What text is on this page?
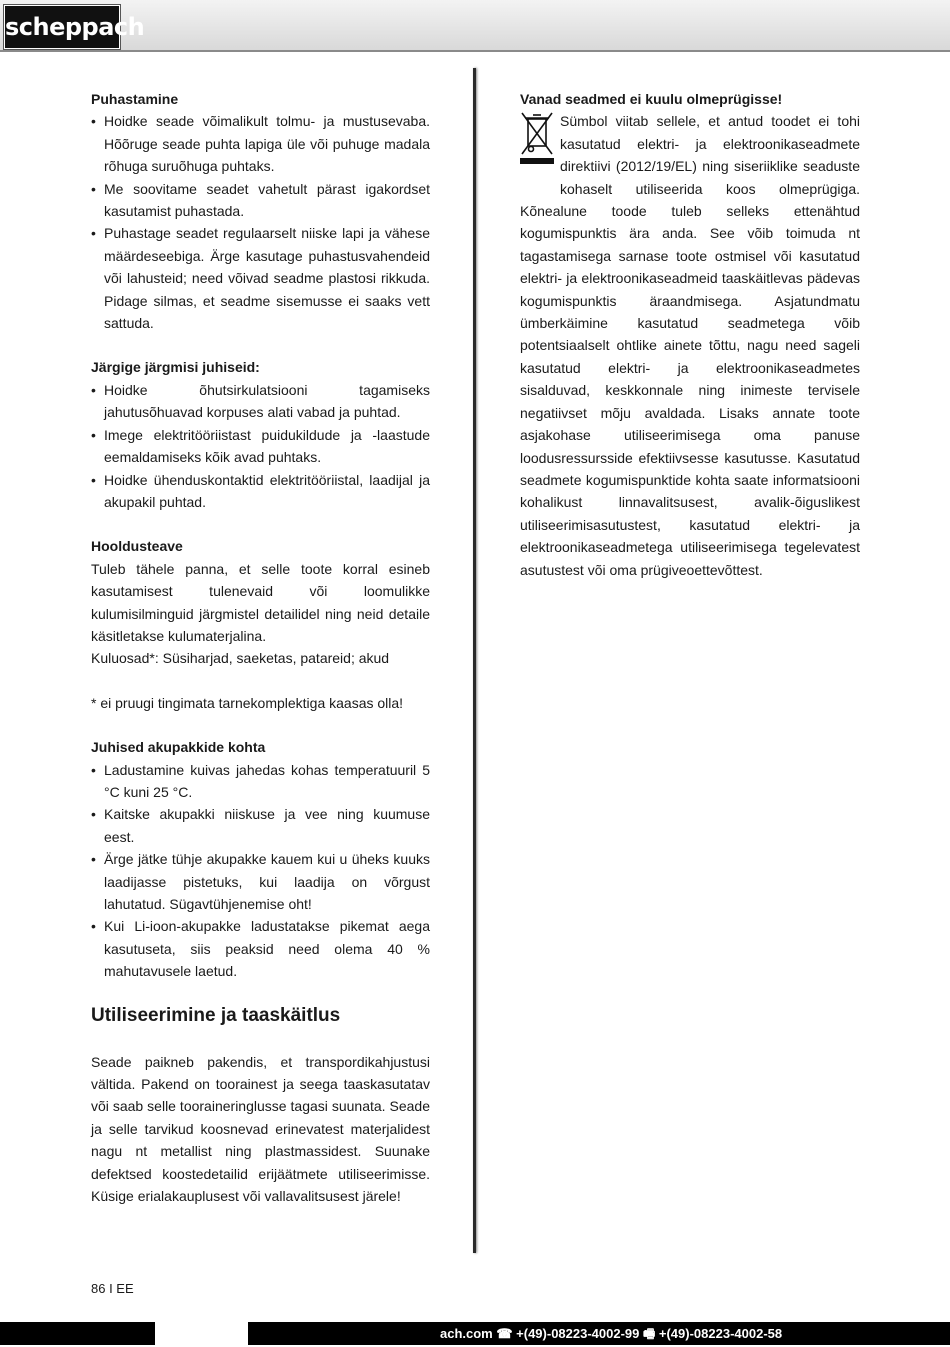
scheppach
Puhastamine
• Hoidke seade võimalikult tolmu- ja mustusevaba. Hõõruge seade puhta lapiga üle või puhuge madala rõhuga suruõhuga puhtaks.
• Me soovitame seadet vahetult pärast igakordset kasutamist puhastada.
• Puhastage seadet regulaarselt niiske lapi ja vähese määrdeseebiga. Ärge kasutage puhastusvahendeid või lahusteid; need võivad seadme plastosi rikkuda. Pidage silmas, et seadme sisemusse ei saaks vett sattuda.
Järgige järgmisi juhiseid:
• Hoidke õhutsirkulatsiooni tagamiseks jahutusõhuavad korpuses alati vabad ja puhtad.
• Imege elektritööriistast puidukildude ja -laastude eemaldamiseks kõik avad puhtaks.
• Hoidke ühenduskontaktid elektritööriistal, laadijal ja akupakil puhtad.
Hooldusteave

Tuleb tähele panna, et selle toote korral esineb kasutamisest tulenevaid või loomulikke kulumisilminguid järgmistel detailidel ning neid detaile käsitletakse kulumaterjalina.

Kuluosad*: Süsiharjad, saeketas, patareid; akud

* ei pruugi tingimata tarnekomplektiga kaasas olla!

Juhised akupakkide kohta
• Ladustamine kuivas jahedas kohas temperatuuril 5 °C kuni 25 °C.
• Kaitske akupakki niiskuse ja vee ning kuumuse eest.
• Ärge jätke tühje akupakke kauem kui u üheks kuuks laadijasse pistetuks, kui laadija on võrgust lahutatud. Sügavtühjenemise oht!
• Kui Li-ioon-akupakke ladustatakse pikemat aega kasutuseta, siis peaksid need olema 40 % mahutavusele laetud.
Utiliseerimine ja taaskäitlus

Seade paikneb pakendis, et transpordikahjustusi vältida. Pakend on toorainest ja seega taaskasutatav või saab selle tooraineringlusse tagasi suunata. Seade ja selle tarvikud koosnevad erinevatest materjalidest nagu nt metallist ning plastmassidest. Suunake defektsed koostedetailid erijäätmete utiliseerimisse. Küsige erialakauplusest või vallavalitsusest järele!

Vanad seadmed ei kuulu olmeprügisse!

Sümbol viitab sellele, et antud toodet ei tohi kasutatud elektri- ja elektroonikaseadmete direktiivi (2012/19/EL) ning siseriiklike seaduste kohaselt utiliseerida koos olmeprügiga. Kõnealune toode tuleb selleks ettenähtud kogumispunktis ära anda. See võib toimuda nt tagastamisega sarnase toote ostmisel või kasutatud elektri- ja elektroonikaseadmeid taaskäitlevas pädevas kogumispunktis äraandmisega. Asjatundmatu ümberkäimine kasutatud seadmetega võib potentsiaalselt ohtlike ainete tõttu, nagu need sageli kasutatud elektri- ja elektroonikaseadmetes sisalduvad, keskkonnale ning inimeste tervisele negatiivset mõju avaldada. Lisaks annate toote asjakohase utiliseerimisega oma panuse loodusressursside efektiivsesse kasutusse. Kasutatud seadmete kogumispunktide kohta saate informatsiooni kohalikust linnavalitsusest, avalik-õiguslikest utiliseerimisasutustest, kasutatud elektri- ja elektroonikaseadmetega utiliseerimisega tegelevatest asutustest või oma prügiveoettevõttest.

86 I EE
ach.com ☎ +(49)-08223-4002-99 🖷 +(49)-08223-4002-58
